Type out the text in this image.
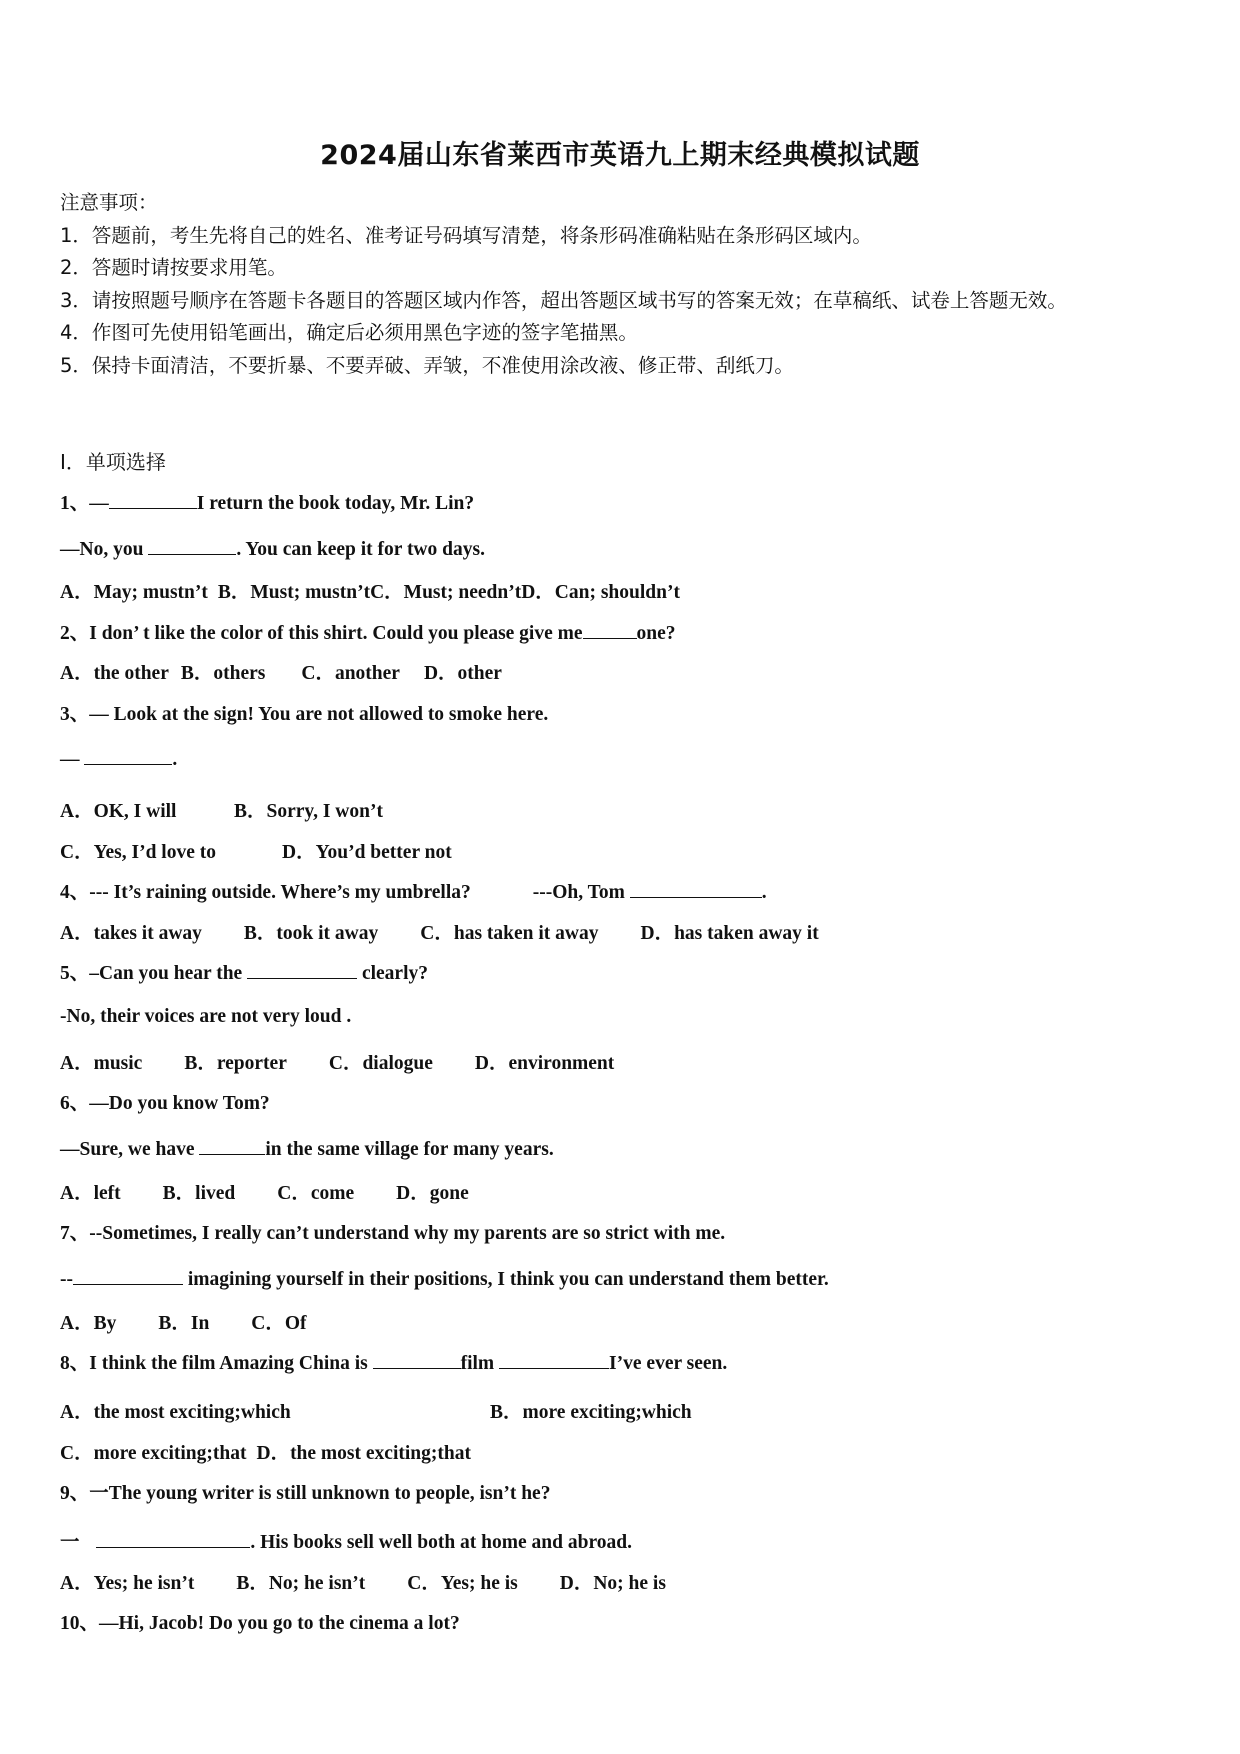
2024届山东省莱西市英语九上期末经典模拟试题
注意事项：
1．答题前，考生先将自己的姓名、准考证号码填写清楚，将条形码准确粘贴在条形码区域内。
2．答题时请按要求用笔。
3．请按照题号顺序在答题卡各题目的答题区域内作答，超出答题区域书写的答案无效；在草稿纸、试卷上答题无效。
4．作图可先使用铅笔画出，确定后必须用黑色字迹的签字笔描黑。
5．保持卡面清洁，不要折暴、不要弄破、弄皱，不准使用涂改液、修正带、刮纸刀。
Ⅰ．单项选择
1、—	I return the book today, Mr. Lin?
—No, you	. You can keep it for two days.
A．May; mustn’t B．Must; mustn’tC．Must; needn’tD．Can; shouldn’t
2、I don’ t like the color of this shirt. Could you please give me	one?
A．the other B．others C．another D．other
3、— Look at the sign! You are not allowed to smoke here.
—	.
A．OK, I will	B．Sorry, I won’t
C．Yes, I’d love to	D．You’d better not
4、--- It’s raining outside. Where’s my umbrella?	---Oh, Tom	.
A．takes it away B．took it away C．has taken it away D．has taken away it
5、–Can you hear the	clearly?
-No, their voices are not very loud .
A．music B．reporter C．dialogue D．environment
6、—Do you know Tom?
—Sure, we have	in the same village for many years.
A．left B．lived C．come D．gone
7、--Sometimes, I really can’t understand why my parents are so strict with me.
--	imagining yourself in their positions, I think you can understand them better.
A．By B．In C．Of
8、I think the film Amazing China is	film	I’ve ever seen.
A．the most exciting;which	B．more exciting;which
C．more exciting;that D．the most exciting;that
9、一The young writer is still unknown to people, isn’t he?
一	. His books sell well both at home and abroad.
A．Yes; he isn’t B．No; he isn’t C．Yes; he is D．No; he is
10、—Hi, Jacob! Do you go to the cinema a lot?
